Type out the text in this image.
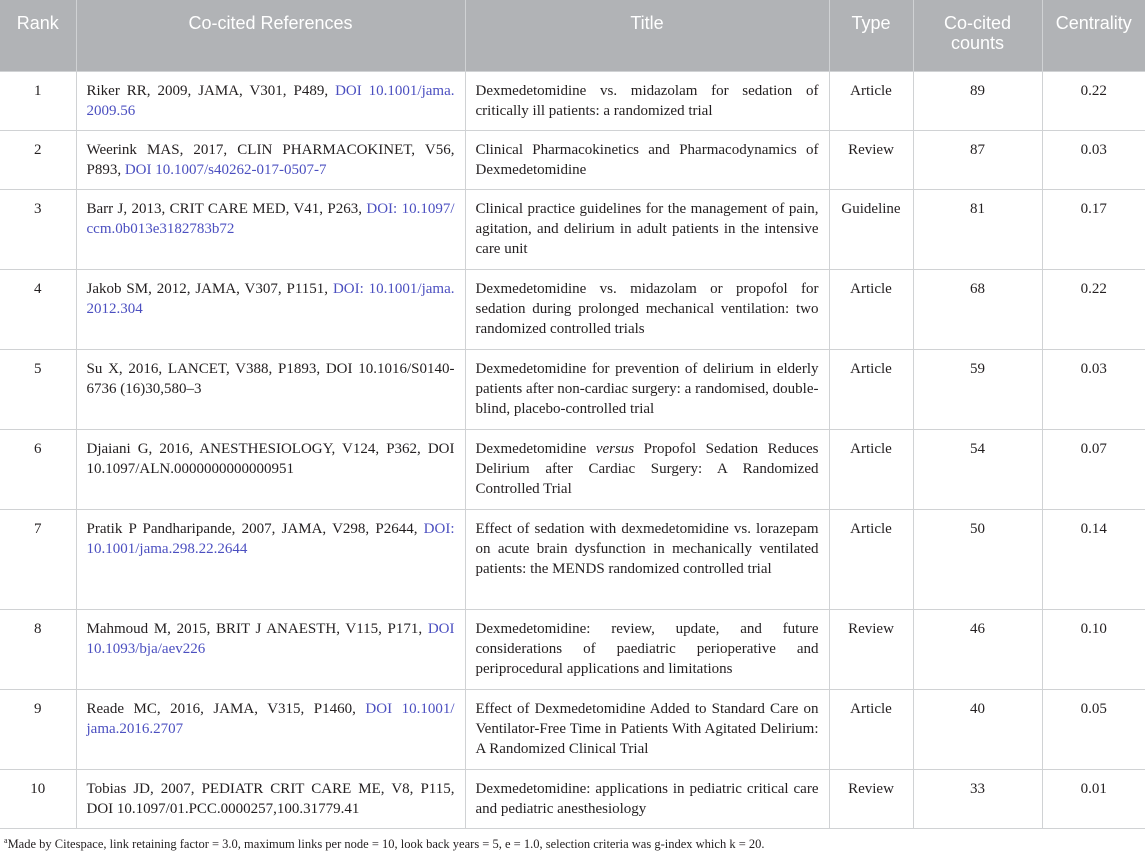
Rank	Co-cited References	Title	Type	Co-cited counts	Centrality
1	Riker RR, 2009, JAMA, V301, P489, DOI 10.1001/jama. 2009.56	Dexmedetomidine vs. midazolam for sedation of critically ill patients: a randomized trial	Article	89	0.22
2	Weerink MAS, 2017, CLIN PHARMACOKINET, V56, P893, DOI 10.1007/s40262-017-0507-7	Clinical Pharmacokinetics and Pharmacodynamics of Dexmedetomidine	Review	87	0.03
3	Barr J, 2013, CRIT CARE MED, V41, P263, DOI: 10.1097/ ccm.0b013e3182783b72	Clinical practice guidelines for the management of pain, agitation, and delirium in adult patients in the intensive care unit	Guideline	81	0.17
4	Jakob SM, 2012, JAMA, V307, P1151, DOI: 10.1001/jama. 2012.304	Dexmedetomidine vs. midazolam or propofol for sedation during prolonged mechanical ventilation: two randomized controlled trials	Article	68	0.22
5	Su X, 2016, LANCET, V388, P1893, DOI 10.1016/S0140-6736 (16)30,580–3	Dexmedetomidine for prevention of delirium in elderly patients after non-cardiac surgery: a randomised, double-blind, placebo-controlled trial	Article	59	0.03
6	Djaiani G, 2016, ANESTHESIOLOGY, V124, P362, DOI 10.1097/ALN.0000000000000951	Dexmedetomidine versus Propofol Sedation Reduces Delirium after Cardiac Surgery: A Randomized Controlled Trial	Article	54	0.07
7	Pratik P Pandharipande, 2007, JAMA, V298, P2644, DOI: 10.1001/jama.298.22.2644	Effect of sedation with dexmedetomidine vs. lorazepam on acute brain dysfunction in mechanically ventilated patients: the MENDS randomized controlled trial	Article	50	0.14
8	Mahmoud M, 2015, BRIT J ANAESTH, V115, P171, DOI 10.1093/bja/aev226	Dexmedetomidine: review, update, and future considerations of paediatric perioperative and periprocedural applications and limitations	Review	46	0.10
9	Reade MC, 2016, JAMA, V315, P1460, DOI 10.1001/ jama.2016.2707	Effect of Dexmedetomidine Added to Standard Care on Ventilator-Free Time in Patients With Agitated Delirium: A Randomized Clinical Trial	Article	40	0.05
10	Tobias JD, 2007, PEDIATR CRIT CARE ME, V8, P115, DOI 10.1097/01.PCC.0000257,100.31779.41	Dexmedetomidine: applications in pediatric critical care and pediatric anesthesiology	Review	33	0.01
$^a$Made by Citespace, link retaining factor = 3.0, maximum links per node = 10, look back years = 5, e = 1.0, selection criteria was g-index which k = 20.
